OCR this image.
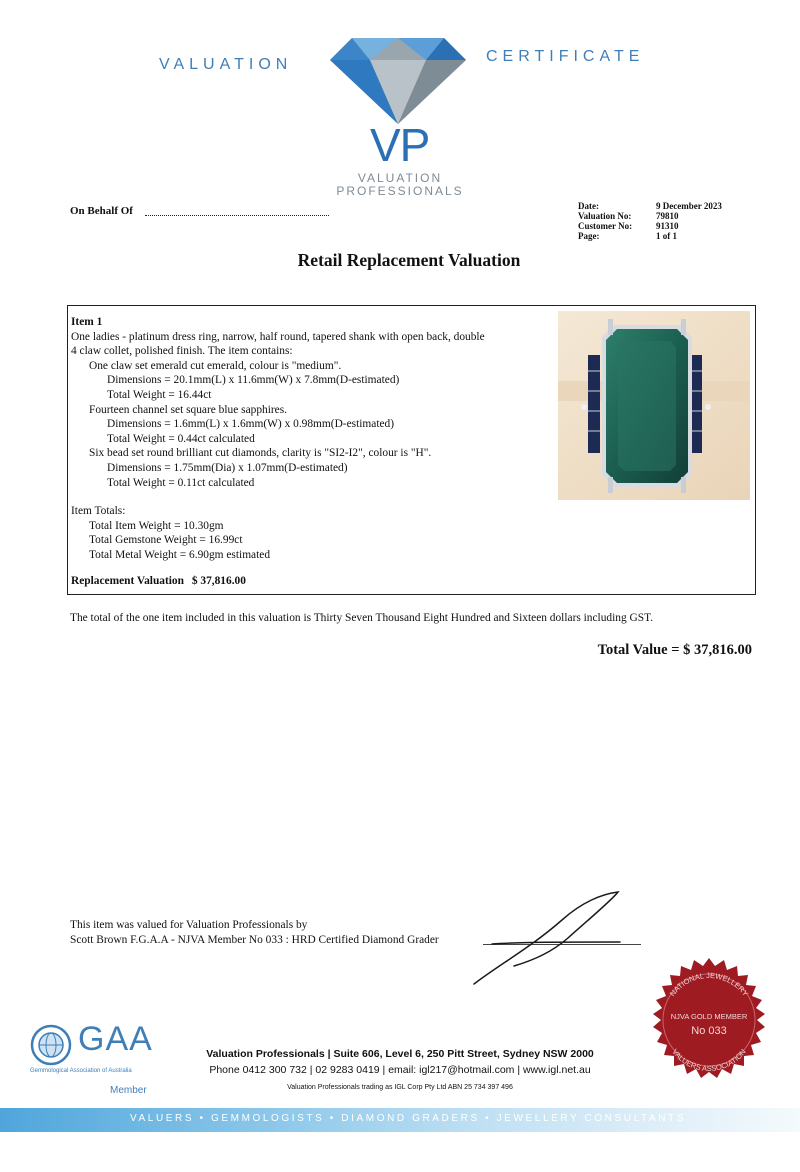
VALUATION	CERTIFICATE
VP
VALUATION
PROFESSIONALS
On Behalf Of	Date:	9 December 2023
Valuation No:	79810
Customer No:	91310
Page:	1 of 1
Retail Replacement Valuation
Item 1
One ladies - platinum dress ring, narrow, half round, tapered shank with open back, double
4 claw collet, polished finish. The item contains:
One claw set emerald cut emerald, colour is "medium".
Dimensions = 20.1mm(L) x 11.6mm(W) x 7.8mm(D-estimated)
Total Weight = 16.44ct
Fourteen channel set square blue sapphires.
Dimensions = 1.6mm(L) x 1.6mm(W) x 0.98mm(D-estimated)
Total Weight = 0.44ct calculated
Six bead set round brilliant cut diamonds, clarity is "SI2-I2", colour is "H".
Dimensions = 1.75mm(Dia) x 1.07mm(D-estimated)
Total Weight = 0.11ct calculated
Item Totals:
Total Item Weight = 10.30gm
Total Gemstone Weight = 16.99ct
Total Metal Weight = 6.90gm estimated
Replacement Valuation $ 37,816.00
The total of the one item included in this valuation is Thirty Seven Thousand Eight Hundred and Sixteen dollars including GST.
Total Value = $ 37,816.00
This item was valued for Valuation Professionals by
Scott Brown F.G.A.A - NJVA Member No 033 : HRD Certified Diamond Grader
NATIONAL JEWELLERY
VALUERS ASSOCIATION
NJVA GOLD MEMBER
No 033
GAA
Gemmological Association of Australia
Member
Valuation Professionals | Suite 606, Level 6, 250 Pitt Street, Sydney NSW 2000
Phone 0412 300 732 | 02 9283 0419 | email: igl217@hotmail.com | www.igl.net.au
Valuation Professionals trading as IGL Corp Pty Ltd ABN 25 734 397 496
VALUERS • GEMMOLOGISTS • DIAMOND GRADERS • JEWELLERY CONSULTANTS
